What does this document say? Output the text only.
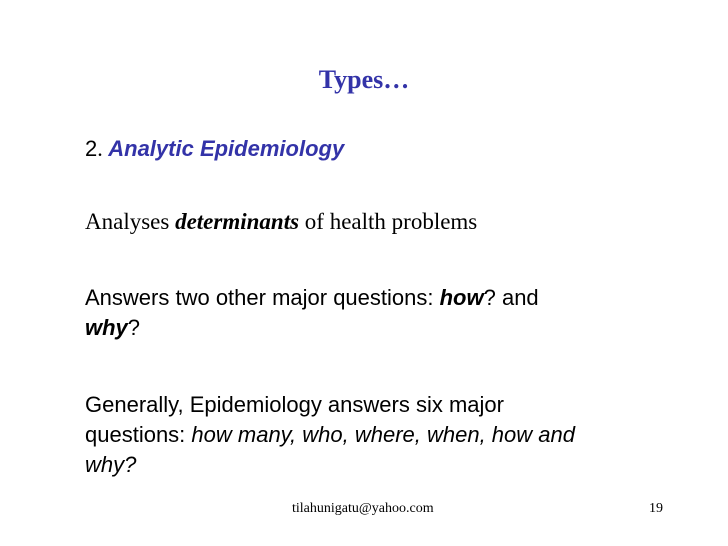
Types…
2. Analytic Epidemiology
Analyses determinants of health problems
Answers two other major questions: how? and
why?
Generally, Epidemiology answers six major
questions: how many, who, where, when, how and
why?
tilahunigatu@yahoo.com	19
